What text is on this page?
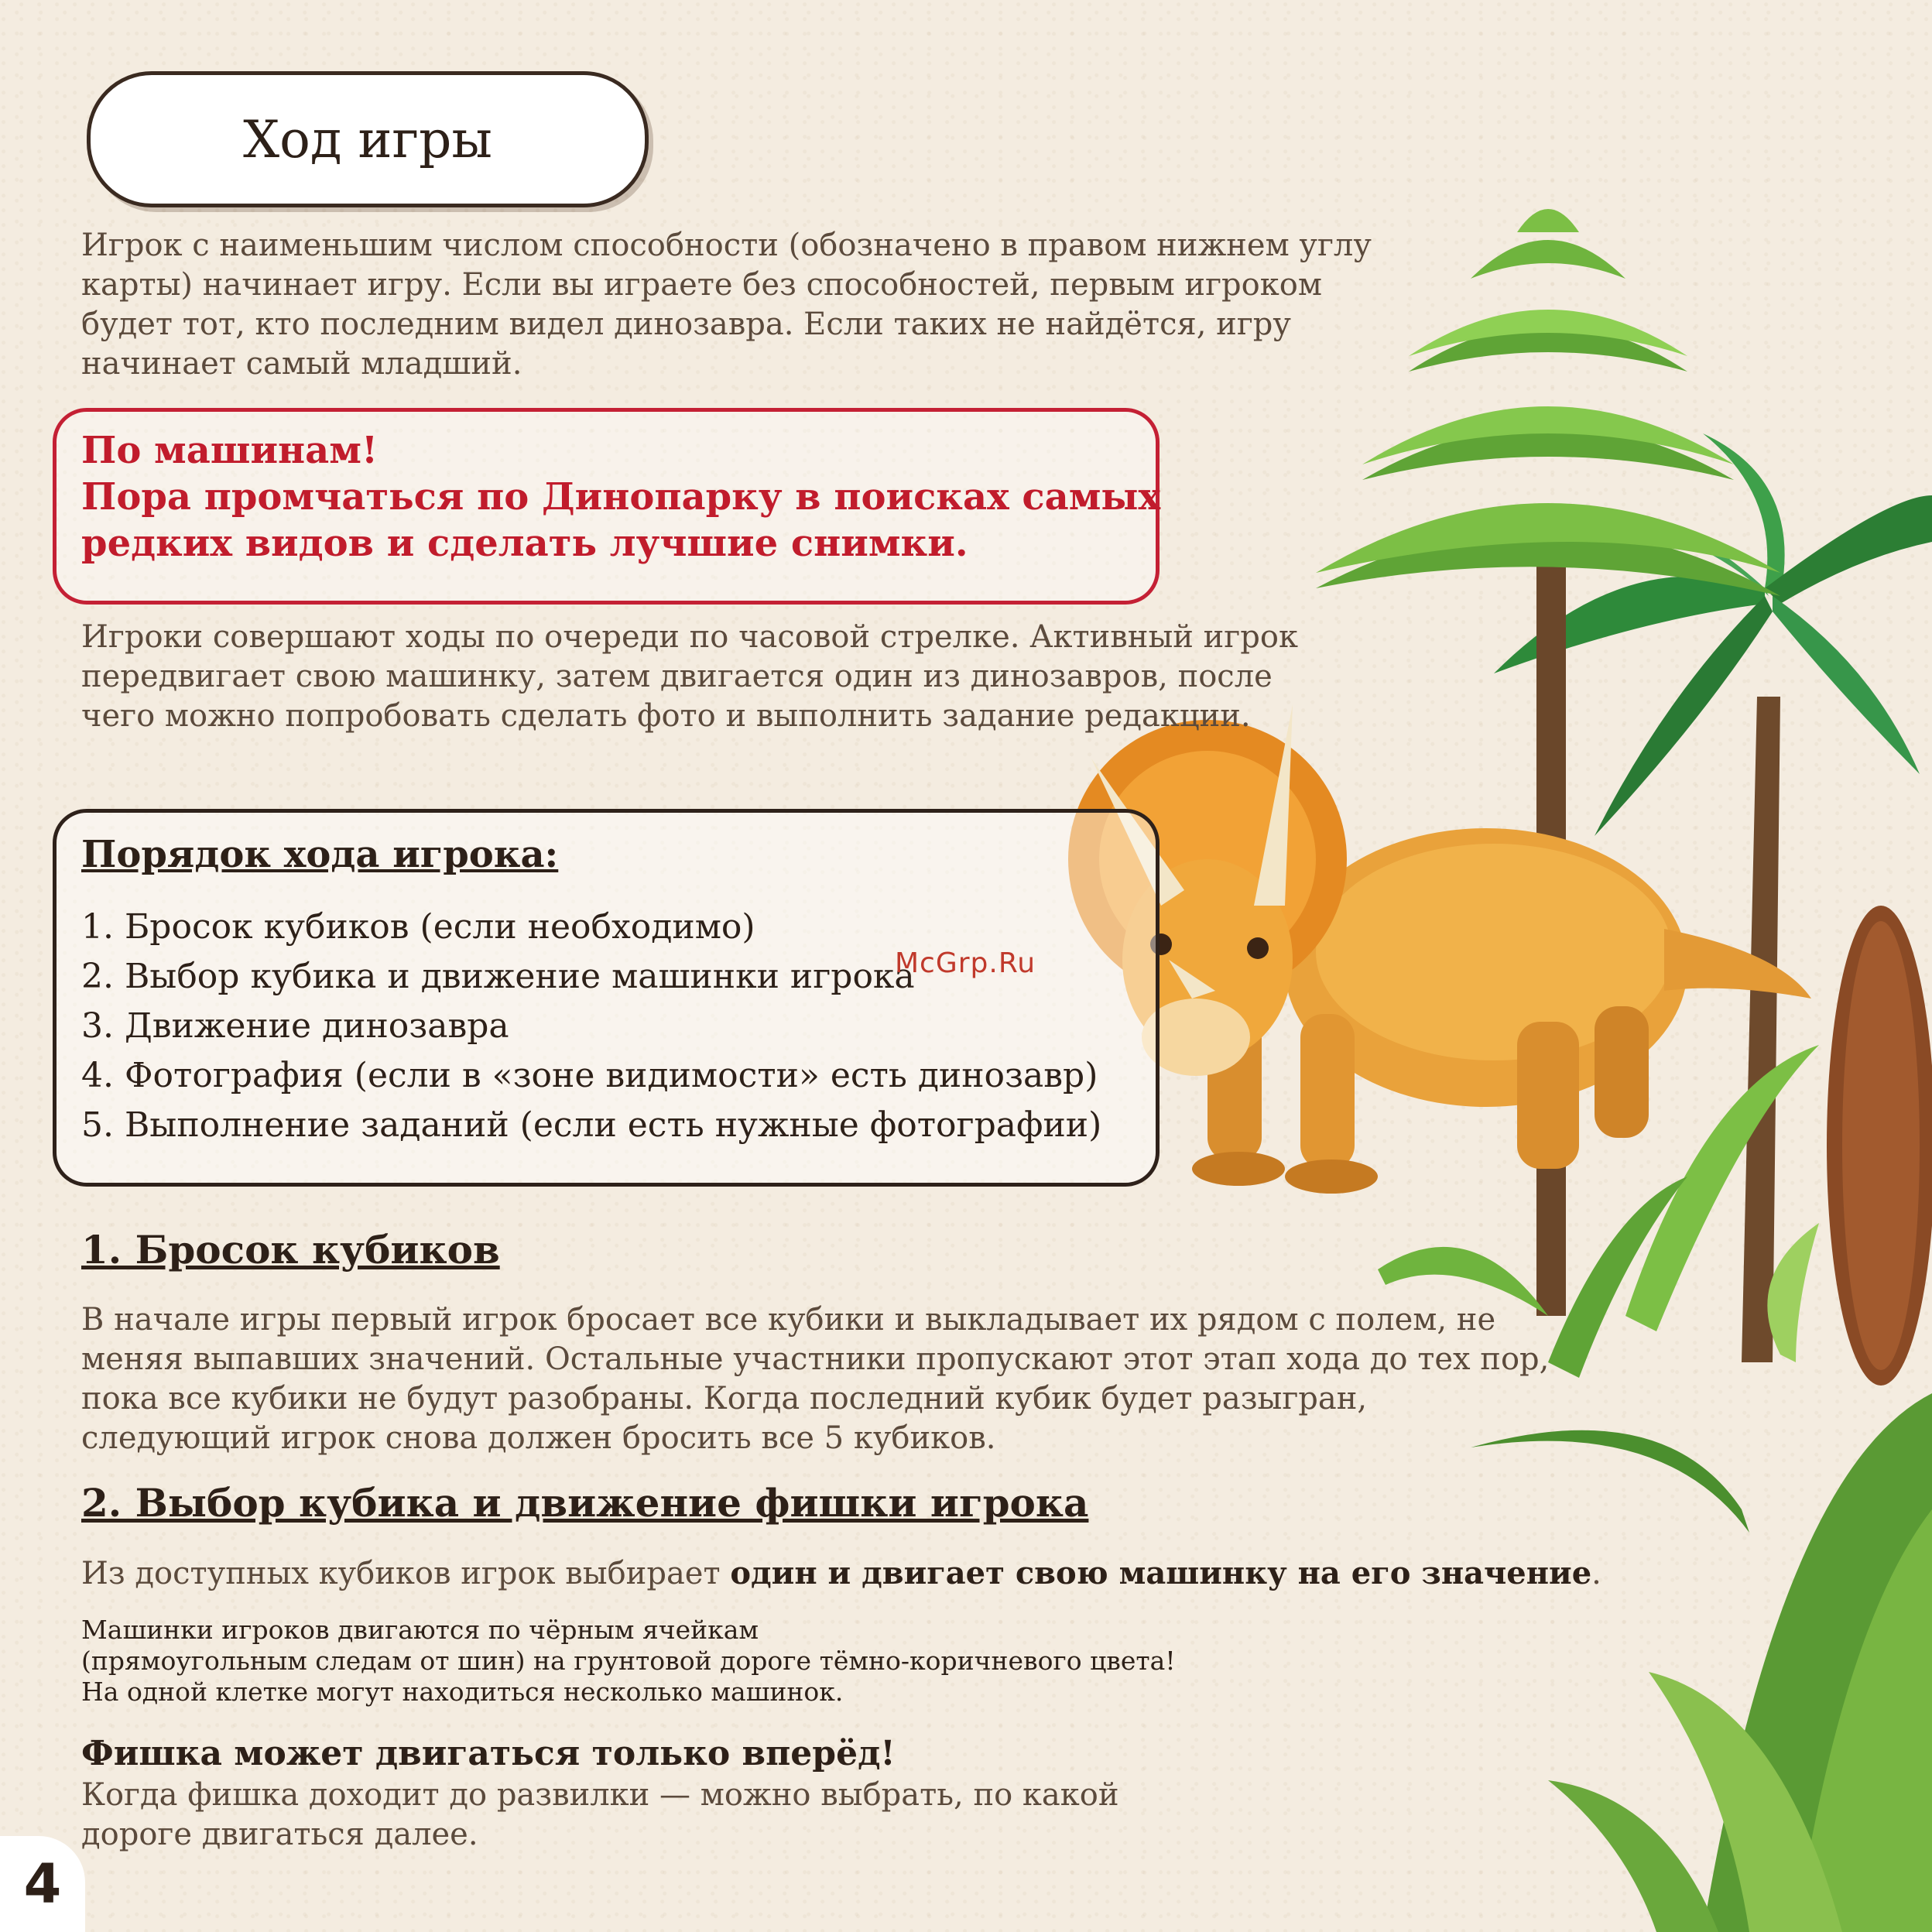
Ход игры
Игрок с наименьшим числом способности (обозначено в правом нижнем углу карты) начинает игру. Если вы играете без способностей, первым игроком будет тот, кто последним видел динозавра. Если таких не найдётся, игру начинает самый младший.
По машинам!
Пора промчаться по Динопарку в поисках самых редких видов и сделать лучшие снимки.
Игроки совершают ходы по очереди по часовой стрелке. Активный игрок передвигает свою машинку, затем двигается один из динозавров, после чего можно попробовать сделать фото и выполнить задание редакции.
Порядок хода игрока:
1. Бросок кубиков (если необходимо)
2. Выбор кубика и движение машинки игрока
3. Движение динозавра
4. Фотография (если в «зоне видимости» есть динозавр)
5. Выполнение заданий (если есть нужные фотографии)
McGrp.Ru
1. Бросок кубиков
В начале игры первый игрок бросает все кубики и выкладывает их рядом с полем, не меняя выпавших значений. Остальные участники пропускают этот этап хода до тех пор, пока все кубики не будут разобраны. Когда последний кубик будет разыгран, следующий игрок снова должен бросить все 5 кубиков.
2. Выбор кубика и движение фишки игрока
Из доступных кубиков игрок выбирает один и двигает свою машинку на его значение.
Машинки игроков двигаются по чёрным ячейкам
(прямоугольным следам от шин) на грунтовой дороге тёмно-коричневого цвета!
На одной клетке могут находиться несколько машинок.
Фишка может двигаться только вперёд!
Когда фишка доходит до развилки — можно выбрать, по какой дороге двигаться далее.
4
